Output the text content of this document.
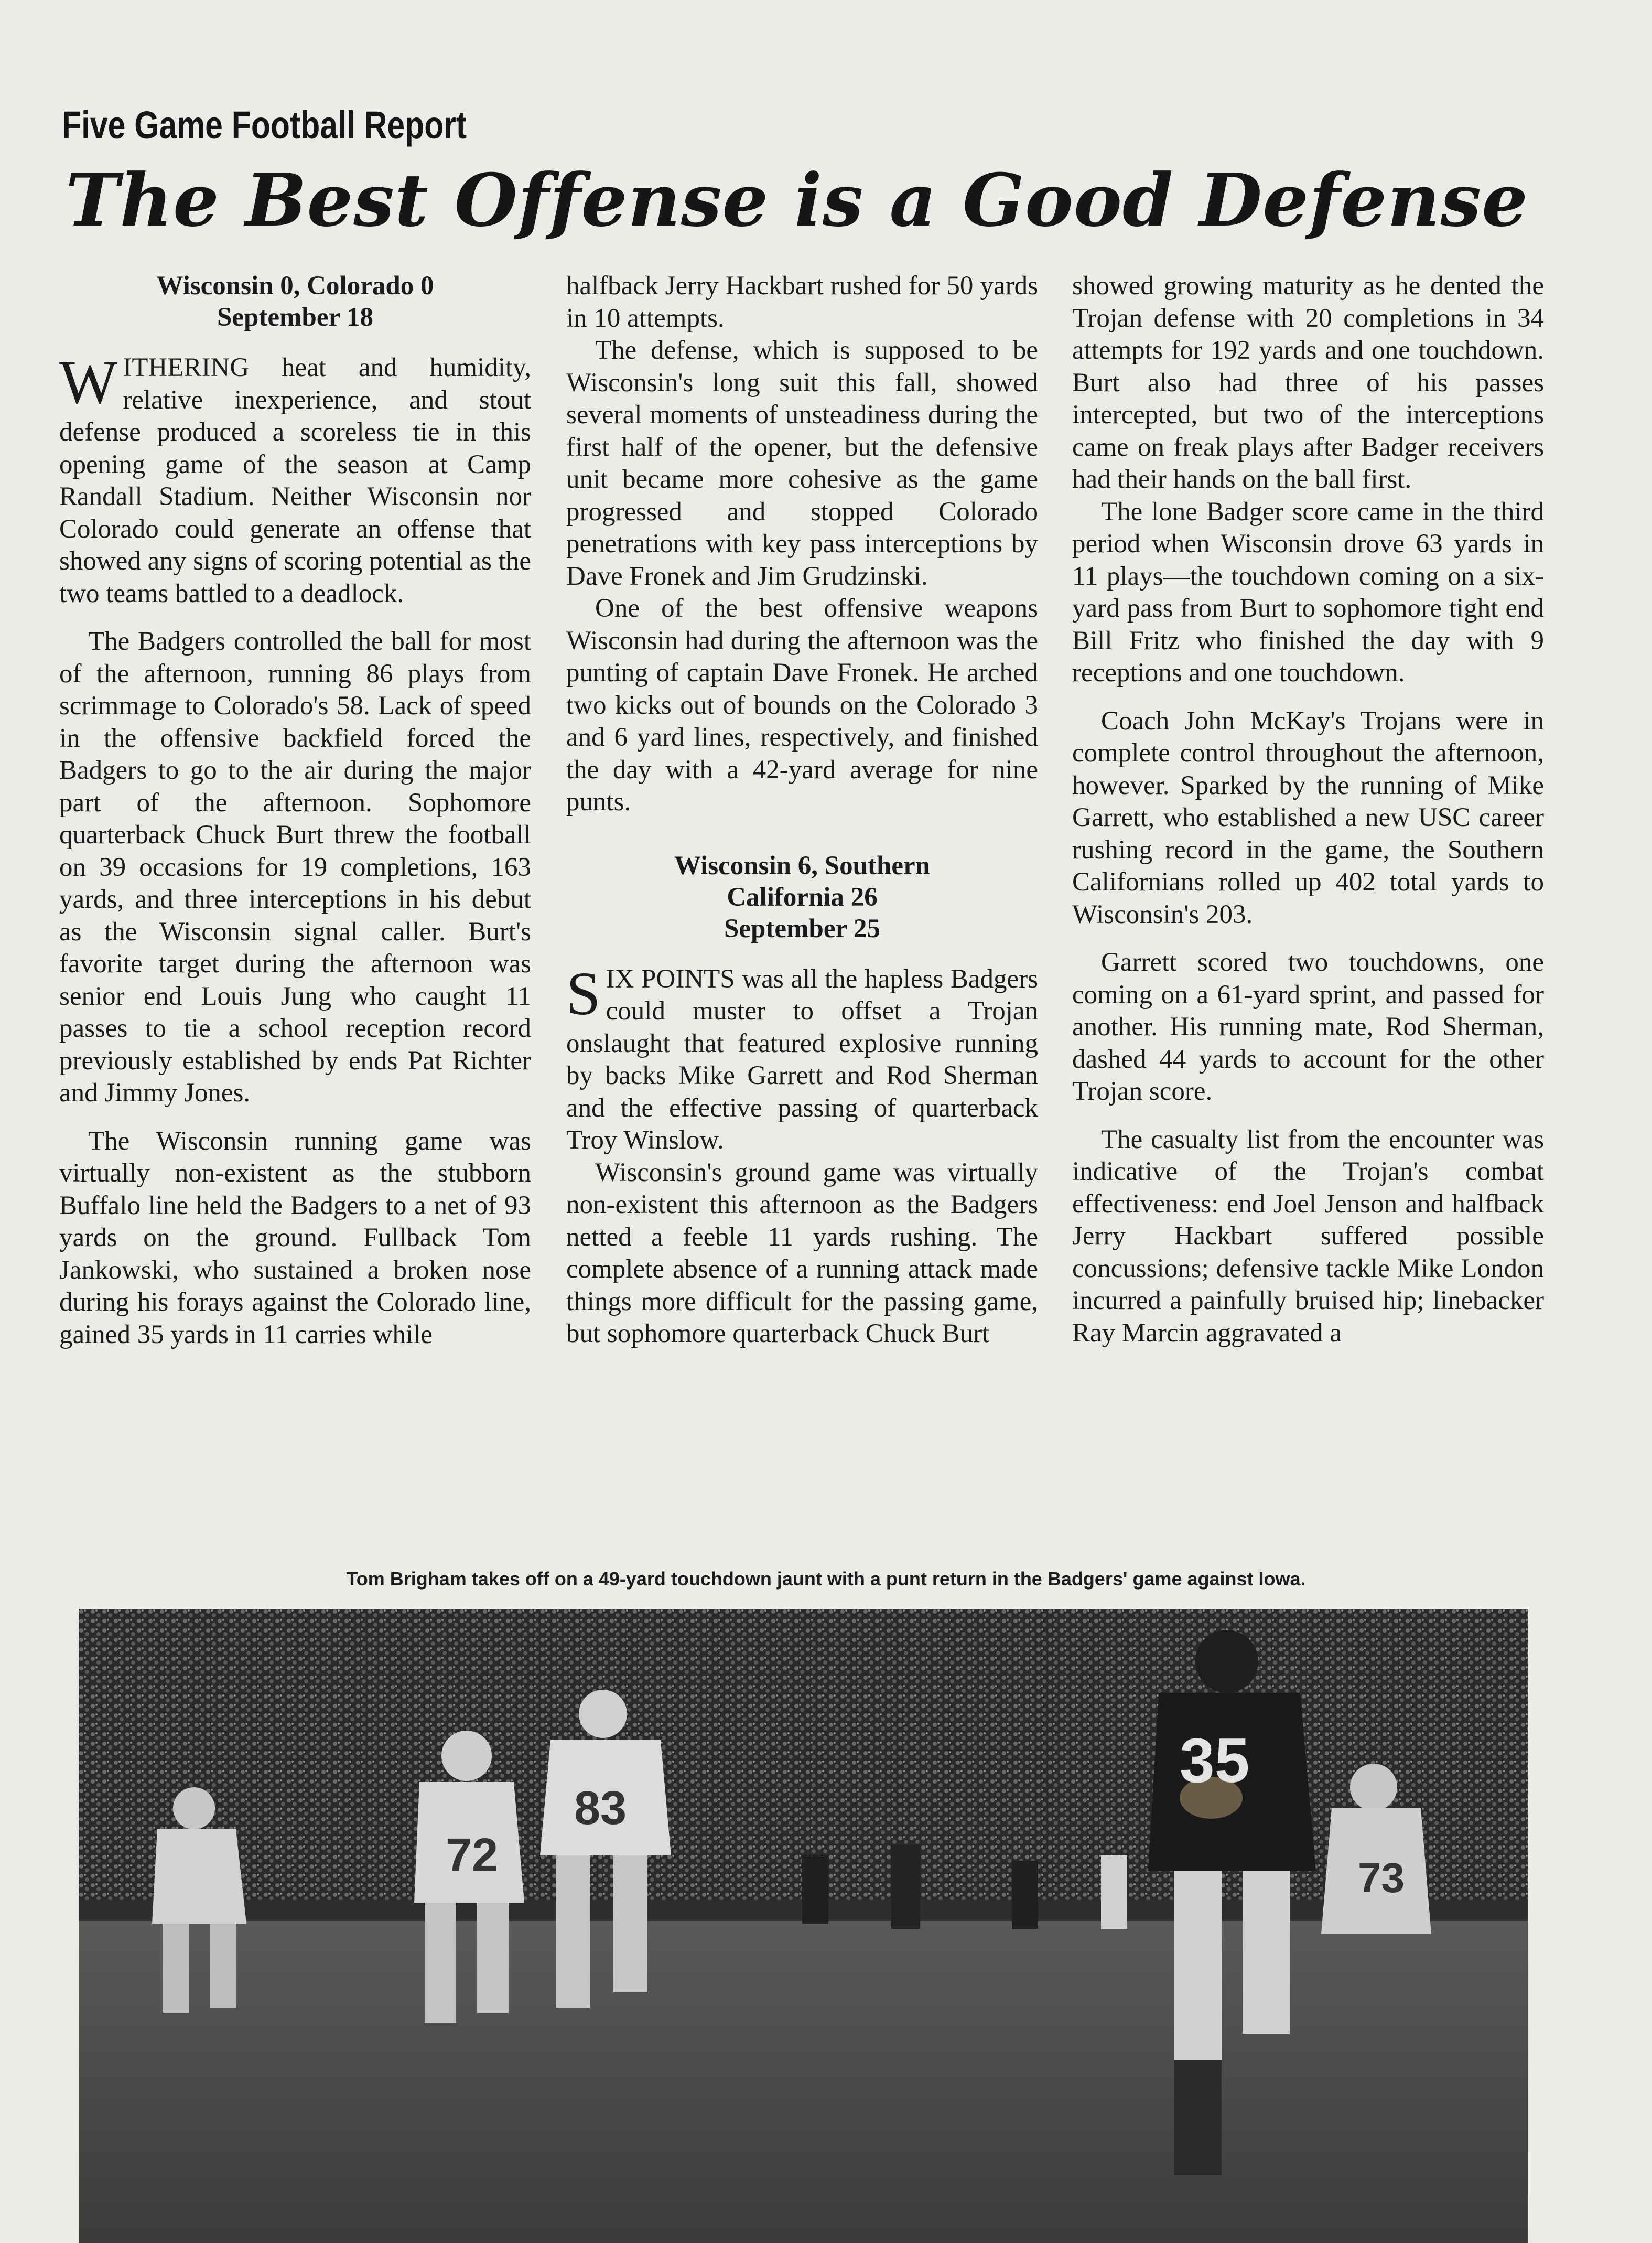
Five Game Football Report
The Best Offense is a Good Defense
Wisconsin 0, Colorado 0
September 18

WITHERING heat and humidity, relative inexperience, and stout defense produced a scoreless tie in this opening game of the season at Camp Randall Stadium. Neither Wisconsin nor Colorado could generate an offense that showed any signs of scoring potential as the two teams battled to a deadlock.

The Badgers controlled the ball for most of the afternoon, running 86 plays from scrimmage to Colorado's 58. Lack of speed in the offensive backfield forced the Badgers to go to the air during the major part of the afternoon. Sophomore quarterback Chuck Burt threw the football on 39 occasions for 19 completions, 163 yards, and three interceptions in his debut as the Wisconsin signal caller. Burt's favorite target during the afternoon was senior end Louis Jung who caught 11 passes to tie a school reception record previously established by ends Pat Richter and Jimmy Jones.

The Wisconsin running game was virtually non-existent as the stubborn Buffalo line held the Badgers to a net of 93 yards on the ground. Fullback Tom Jankowski, who sustained a broken nose during his forays against the Colorado line, gained 35 yards in 11 carries while

halfback Jerry Hackbart rushed for 50 yards in 10 attempts.

The defense, which is supposed to be Wisconsin's long suit this fall, showed several moments of unsteadiness during the first half of the opener, but the defensive unit became more cohesive as the game progressed and stopped Colorado penetrations with key pass interceptions by Dave Fronek and Jim Grudzinski.

One of the best offensive weapons Wisconsin had during the afternoon was the punting of captain Dave Fronek. He arched two kicks out of bounds on the Colorado 3 and 6 yard lines, respectively, and finished the day with a 42-yard average for nine punts.

Wisconsin 6, Southern
California 26
September 25

SIX POINTS was all the hapless Badgers could muster to offset a Trojan onslaught that featured explosive running by backs Mike Garrett and Rod Sherman and the effective passing of quarterback Troy Winslow.

Wisconsin's ground game was virtually non-existent this afternoon as the Badgers netted a feeble 11 yards rushing. The complete absence of a running attack made things more difficult for the passing game, but sophomore quarterback Chuck Burt

showed growing maturity as he dented the Trojan defense with 20 completions in 34 attempts for 192 yards and one touchdown. Burt also had three of his passes intercepted, but two of the interceptions came on freak plays after Badger receivers had their hands on the ball first.

The lone Badger score came in the third period when Wisconsin drove 63 yards in 11 plays—the touchdown coming on a six-yard pass from Burt to sophomore tight end Bill Fritz who finished the day with 9 receptions and one touchdown.

Coach John McKay's Trojans were in complete control throughout the afternoon, however. Sparked by the running of Mike Garrett, who established a new USC career rushing record in the game, the Southern Californians rolled up 402 total yards to Wisconsin's 203.

Garrett scored two touchdowns, one coming on a 61-yard sprint, and passed for another. His running mate, Rod Sherman, dashed 44 yards to account for the other Trojan score.

The casualty list from the encounter was indicative of the Trojan's combat effectiveness: end Joel Jenson and halfback Jerry Hackbart suffered possible concussions; defensive tackle Mike London incurred a painfully bruised hip; linebacker Ray Marcin aggravated a

Tom Brigham takes off on a 49-yard touchdown jaunt with a punt return in the Badgers' game against Iowa.
72
83
35
73
